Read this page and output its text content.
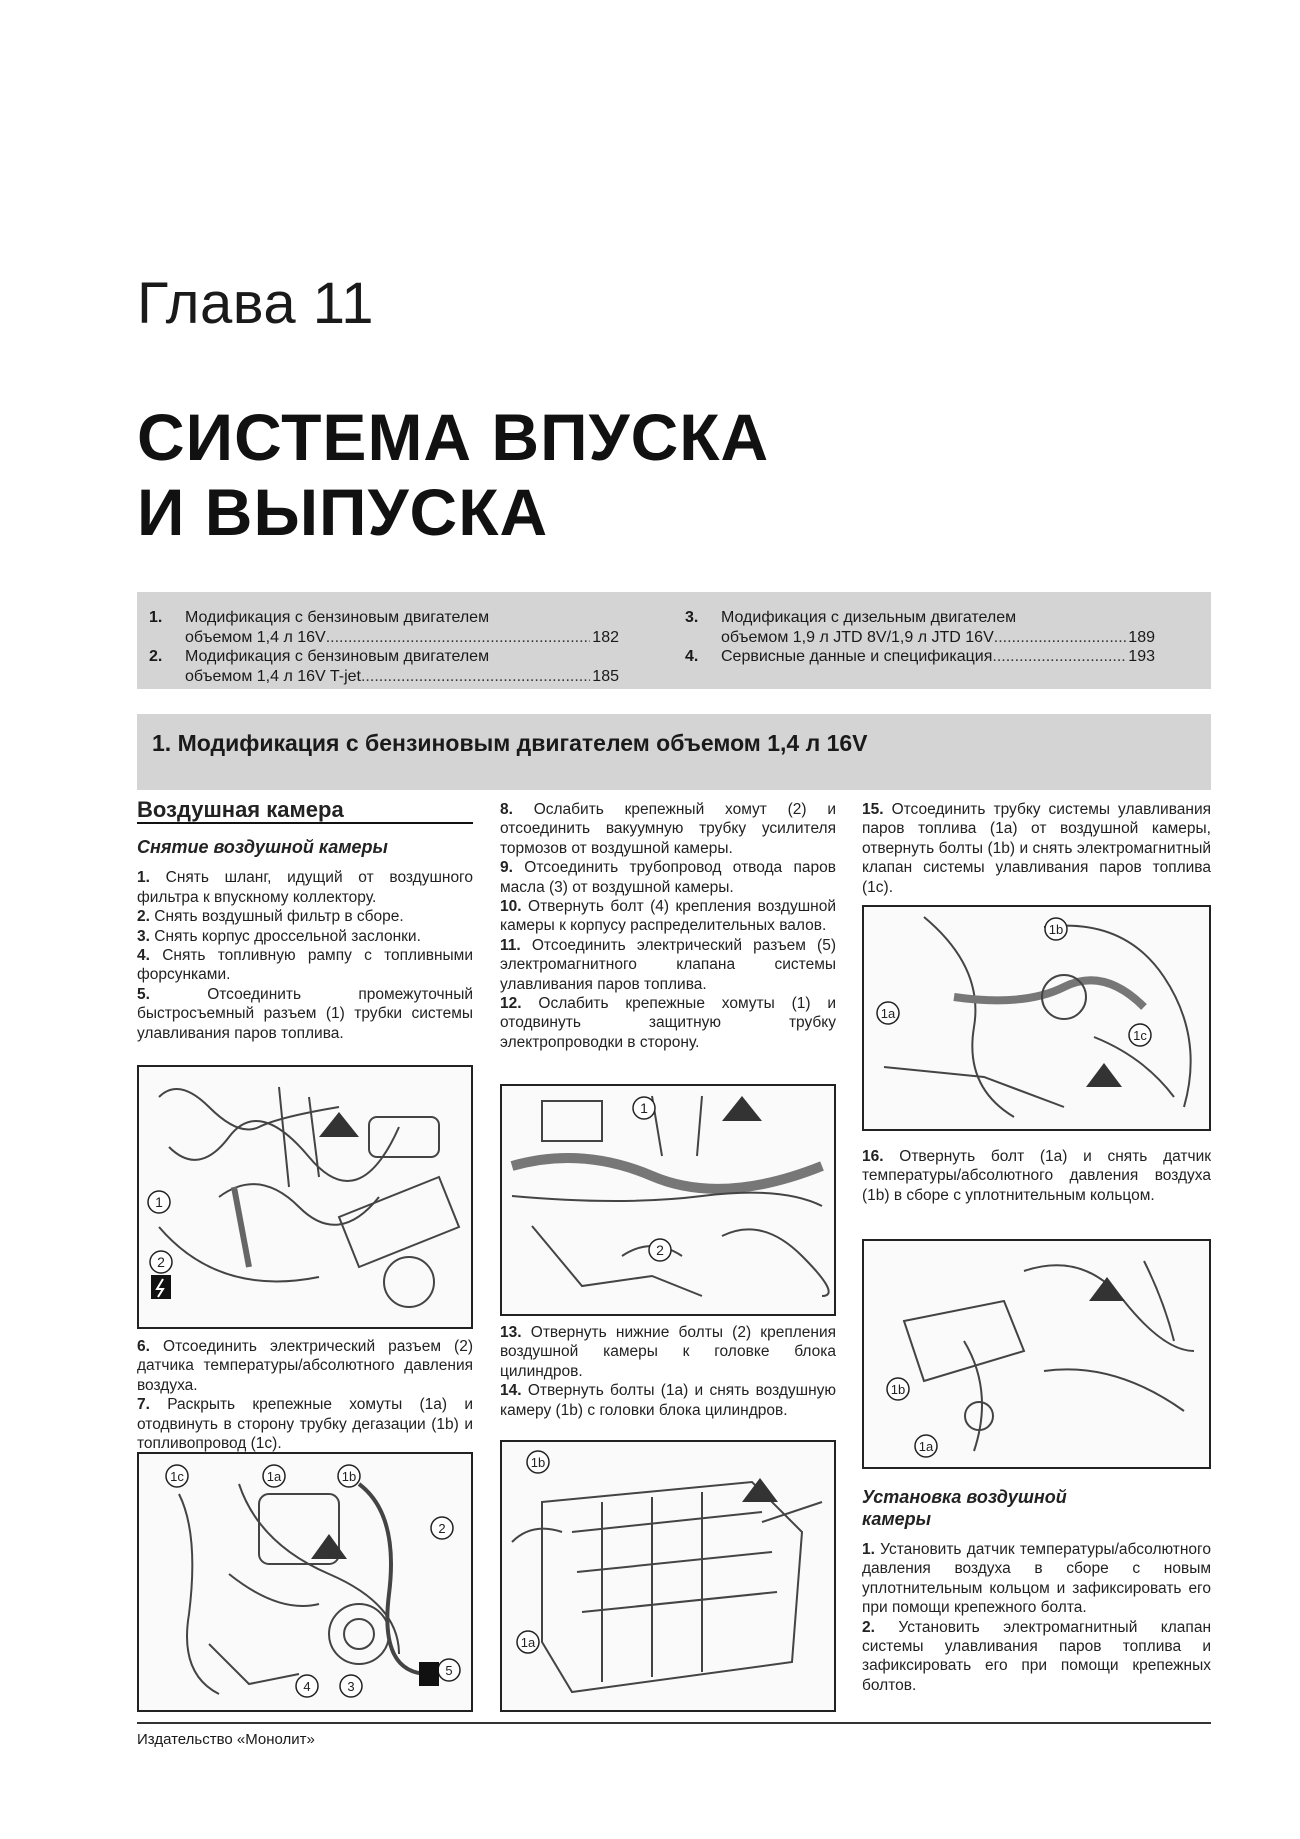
Глава 11
СИСТЕМА ВПУСКА
И ВЫПУСКА
1. Модификация с бензиновым двигателем
объемом 1,4 л 16V .....	182
2. Модификация с бензиновым двигателем
объемом 1,4 л 16V T-jet .....	185
3. Модификация с дизельным двигателем
объемом 1,9 л JTD 8V/1,9 л JTD 16V .....	189
4. Сервисные данные и спецификация .....	193
1. Модификация с бензиновым двигателем объемом 1,4 л 16V
Воздушная камера
Снятие воздушной камеры

1. Снять шланг, идущий от воздушного фильтра к впускному коллектору.

2. Снять воздушный фильтр в сборе.

3. Снять корпус дроссельной заслонки.

4. Снять топливную рампу с топливными форсунками.

5.	Отсоединить промежуточный быстросъемный разъем (1) трубки системы улавливания паров топлива.

6. Отсоединить электрический разъем (2) датчика температуры/абсолютного давления воздуха.

7. Раскрыть крепежные хомуты (1а) и отодвинуть в сторону трубку дегазации (1b) и топливопровод (1с).

8. Ослабить крепежный хомут (2) и отсоединить вакуумную трубку усилителя тормозов от воздушной камеры.

9. Отсоединить трубопровод отвода паров масла (3) от воздушной камеры.

10. Отвернуть болт (4) крепления воздушной камеры к корпусу распределительных валов.

11. Отсоединить электрический разъем (5) электромагнитного клапана системы улавливания паров топлива.

12. Ослабить крепежные хомуты (1) и отодвинуть защитную трубку электропроводки в сторону.

13. Отвернуть нижние болты (2) крепления воздушной камеры к головке блока цилиндров.

14. Отвернуть болты (1а) и снять воздушную камеру (1b) с головки блока цилиндров.

15. Отсоединить трубку системы улавливания паров топлива (1а) от воздушной камеры, отвернуть болты (1b) и снять электромагнитный клапан системы улавливания паров топлива (1с).

16. Отвернуть болт (1а) и снять датчик температуры/абсолютного давления воздуха (1b) в сборе с уплотнительным кольцом.

Установка воздушной камеры

1. Установить датчик температуры/абсолютного давления воздуха в сборе с новым уплотнительным кольцом и зафиксировать его при помощи крепежного болта.

2. Установить электромагнитный клапан системы улавливания паров топлива и зафиксировать его при помощи крепежных болтов.

1
2
1c	1a	1b
2
3
4
5
1
2
1b
1a
1b
1a
1c
1b
1a
Издательство «Монолит»
